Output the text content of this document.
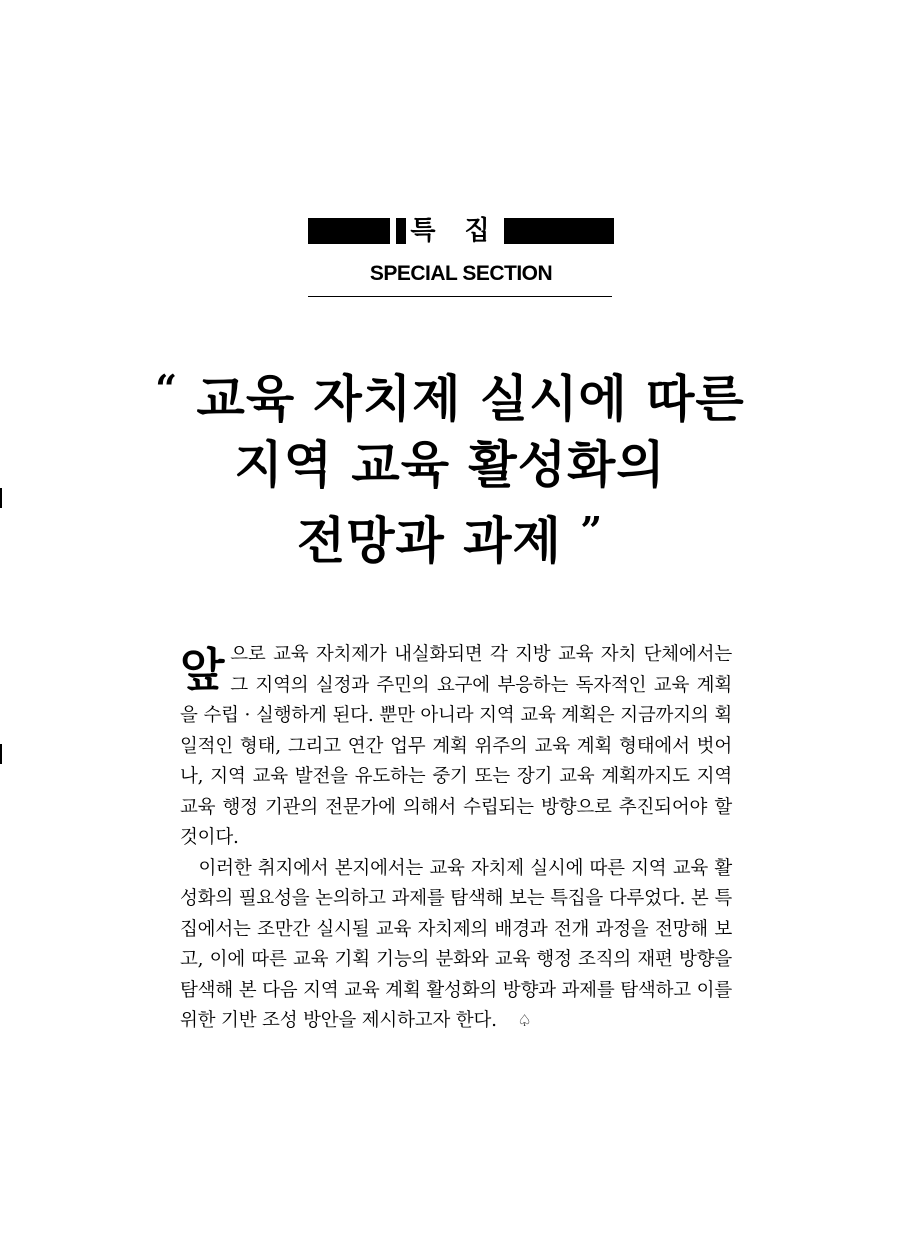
특 집
SPECIAL SECTION
“ 교육 자치제 실시에 따른
지역 교육 활성화의
전망과 과제 ”

앞으로 교육 자치제가 내실화되면 각 지방 교육 자치 단체에서는 그 지역의 실정과 주민의 요구에 부응하는 독자적인 교육 계획을 수립 · 실행하게 된다. 뿐만 아니라 지역 교육 계획은 지금까지의 획일적인 형태, 그리고 연간 업무 계획 위주의 교육 계획 형태에서 벗어나, 지역 교육 발전을 유도하는 중기 또는 장기 교육 계획까지도 지역 교육 행정 기관의 전문가에 의해서 수립되는 방향으로 추진되어야 할 것이다.

이러한 취지에서 본지에서는 교육 자치제 실시에 따른 지역 교육 활성화의 필요성을 논의하고 과제를 탐색해 보는 특집을 다루었다. 본 특집에서는 조만간 실시될 교육 자치제의 배경과 전개 과정을 전망해 보고, 이에 따른 교육 기획 기능의 분화와 교육 행정 조직의 재편 방향을 탐색해 본 다음 지역 교육 계획 활성화의 방향과 과제를 탐색하고 이를 위한 기반 조성 방안을 제시하고자 한다. ♤
